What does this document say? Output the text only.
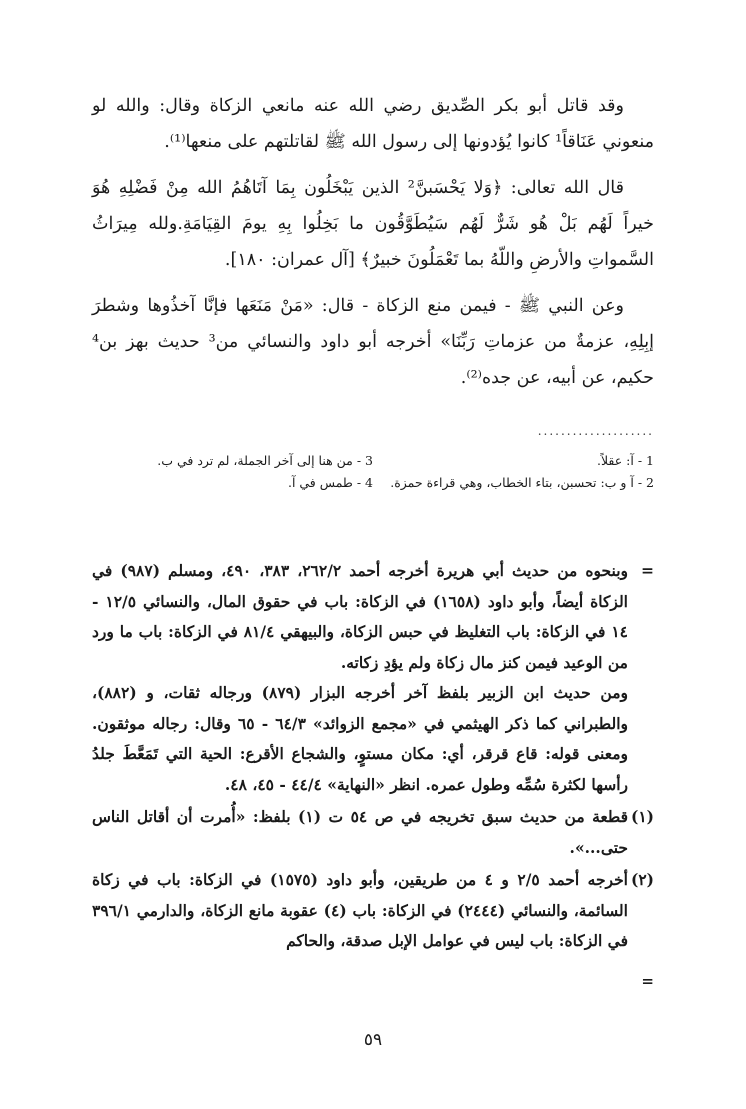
وقد قاتل أبو بكر الصِّديق رضي الله عنه مانعي الزكاة وقال: والله لو منعوني عَنَاقاً¹ كانوا يُؤدونها إلى رسول الله ﷺ لقاتلتهم على منعها⁽¹⁾.

قال الله تعالى: ﴿وَلا يَحْسَبنَّ² الذين يَبْخَلُون بِمَا آتَاهُمُ الله مِنْ فَضْلِهِ هُوَ خيراً لَهُم بَلْ هُو شَرٌّ لَهُم سَيُطَوَّقُون ما بَخِلُوا بِهِ يومَ القِيَامَةِ.ولله مِيرَاثُ السَّمواتِ والأرضِ واللّهُ بما تَعْمَلُونَ خبيرٌ﴾ [آل عمران: ١٨٠].

وعن النبي ﷺ - فيمن منع الزكاة - قال: «مَنْ مَنَعَها فإنَّا آخذُوها وشطرَ إبِلِهِ، عزمةٌ من عزماتِ رَبِّنَا» أخرجه أبو داود والنسائي من³ حديث بهز بن⁴ حكيم، عن أبيه، عن جده⁽²⁾.

....................
1 - آ: عقلاً.
2 - آ و ب: تحسبن، بتاء الخطاب، وهي قراءة حمزة.
3 - من هنا إلى آخر الجملة، لم ترد في ب.
4 - طمس في آ.
=

وبنحوه من حديث أبي هريرة أخرجه أحمد ٢٦٢/٢، ٣٨٣، ٤٩٠، ومسلم (٩٨٧) في الزكاة أيضاً، وأبو داود (١٦٥٨) في الزكاة: باب في حقوق المال، والنسائي ١٢/٥ - ١٤ في الزكاة: باب التغليظ في حبس الزكاة، والبيهقي ٨١/٤ في الزكاة: باب ما ورد من الوعيد فيمن كنز مال زكاة ولم يؤدِ زكاته.

ومن حديث ابن الزبير بلفظ آخر أخرجه البزار (٨٧٩) ورجاله ثقات، و (٨٨٢)، والطبراني كما ذكر الهيثمي في «مجمع الزوائد» ٦٤/٣ - ٦٥ وقال: رجاله موثقون. ومعنى قوله: قاع قرقر، أي: مكان مستوٍ، والشجاع الأقرع: الحية التي تَمَعَّطَ جلدُ رأسها لكثرة سُمِّه وطول عمره. انظر «النهاية» ٤٤/٤ - ٤٥، ٤٨.

(١)

قطعة من حديث سبق تخريجه في ص ٥٤ ت (١) بلفظ: «أُمرت أن أقاتل الناس حتى...».

(٢)

أخرجه أحمد ٢/٥ و ٤ من طريقين، وأبو داود (١٥٧٥) في الزكاة: باب في زكاة السائمة، والنسائي (٢٤٤٤) في الزكاة: باب (٤) عقوبة مانع الزكاة، والدارمي ٣٩٦/١ في الزكاة: باب ليس في عوامل الإبل صدقة، والحاكم

=
٥٩
